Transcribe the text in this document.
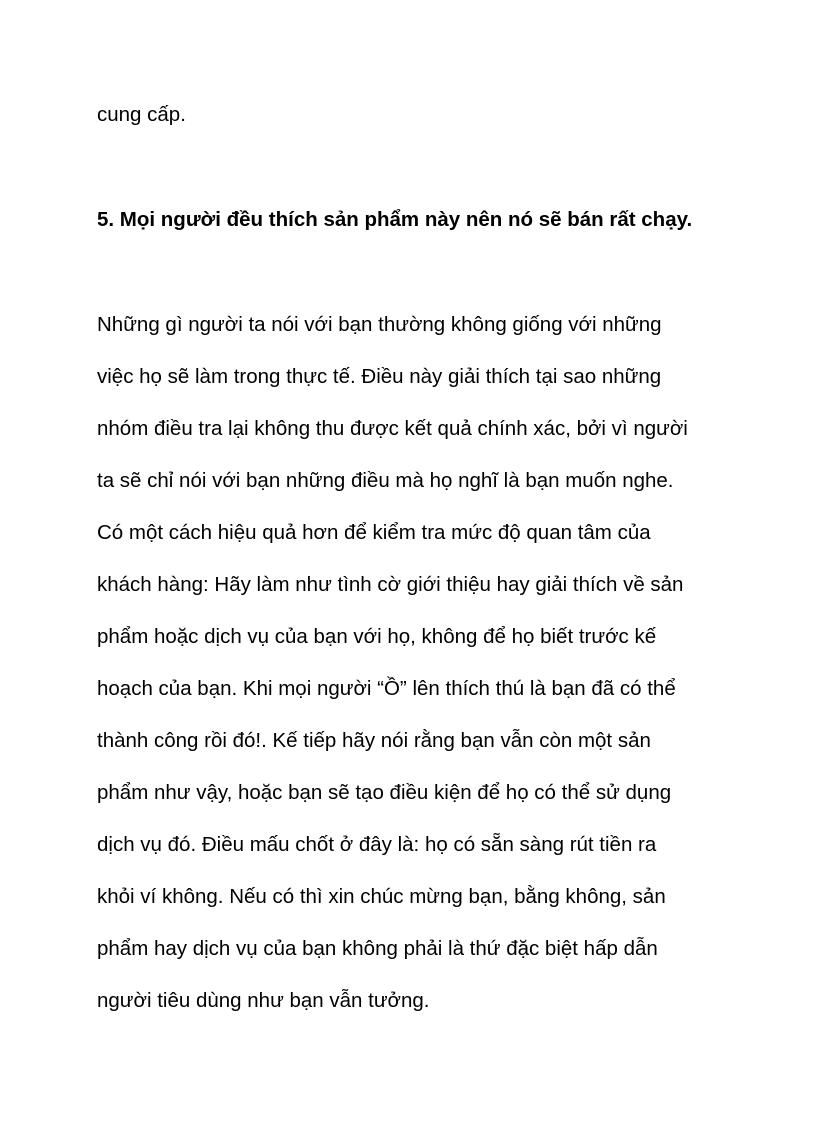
cung cấp.
5. Mọi người đều thích sản phẩm này nên nó sẽ bán rất chạy.
Những gì người ta nói với bạn thường không giống với những
việc họ sẽ làm trong thực tế. Điều này giải thích tại sao những
nhóm điều tra lại không thu được kết quả chính xác, bởi vì người
ta sẽ chỉ nói với bạn những điều mà họ nghĩ là bạn muốn nghe.
Có một cách hiệu quả hơn để kiểm tra mức độ quan tâm của
khách hàng: Hãy làm như tình cờ giới thiệu hay giải thích về sản
phẩm hoặc dịch vụ của bạn với họ, không để họ biết trước kế
hoạch của bạn. Khi mọi người “Ồ” lên thích thú là bạn đã có thể
thành công rồi đó!. Kế tiếp hãy nói rằng bạn vẫn còn một sản
phẩm như vậy, hoặc bạn sẽ tạo điều kiện để họ có thể sử dụng
dịch vụ đó. Điều mấu chốt ở đây là: họ có sẵn sàng rút tiền ra
khỏi ví không. Nếu có thì xin chúc mừng bạn, bằng không, sản
phẩm hay dịch vụ của bạn không phải là thứ đặc biệt hấp dẫn
người tiêu dùng như bạn vẫn tưởng.
